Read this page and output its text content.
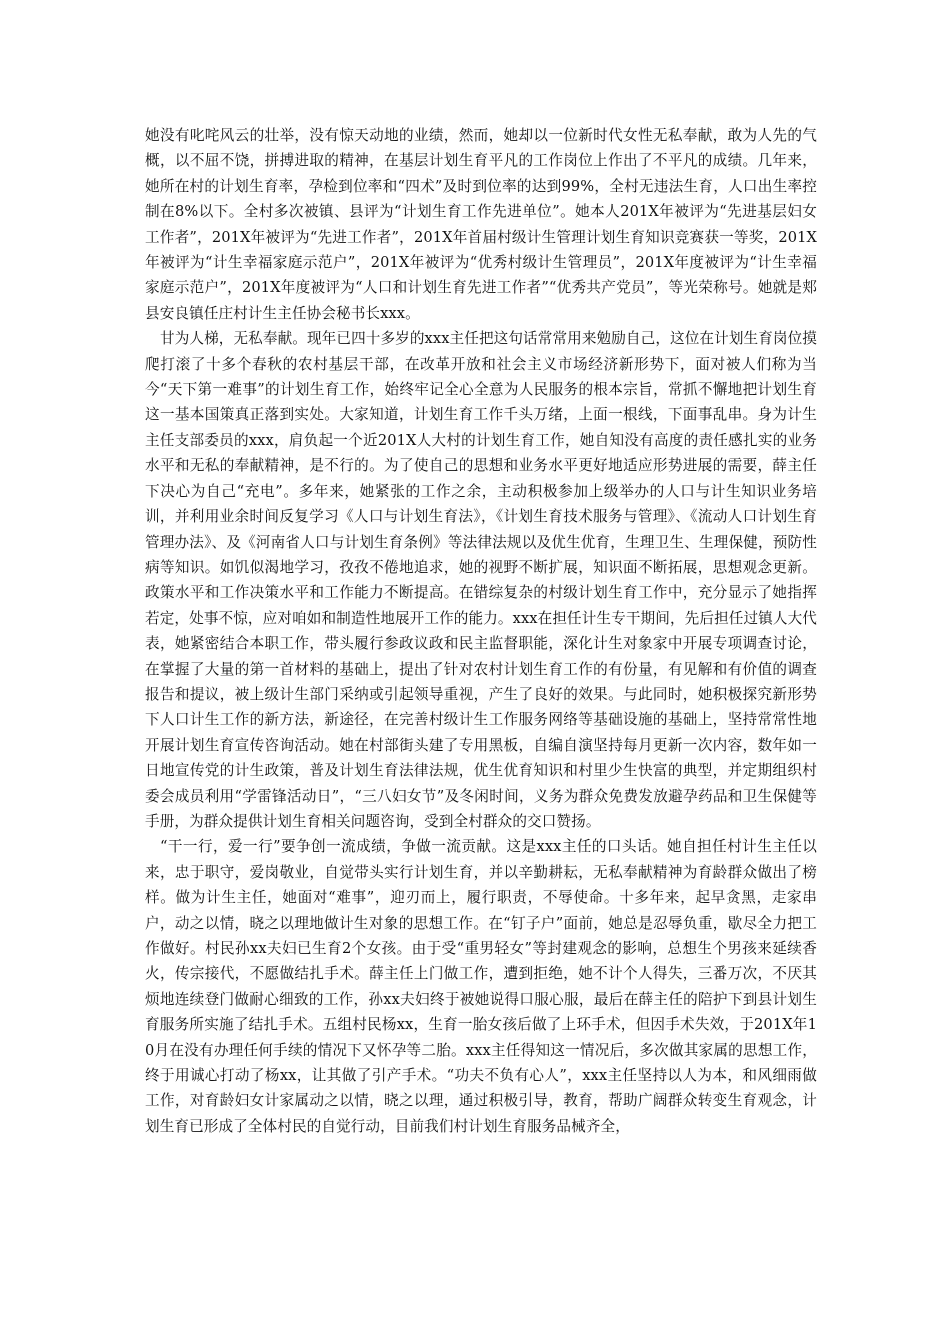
她没有叱咤风云的壮举，没有惊天动地的业绩，然而，她却以一位新时代女性无私奉献，敢为人先的气概，以不屈不饶，拼搏进取的精神，在基层计划生育平凡的工作岗位上作出了不平凡的成绩。几年来，她所在村的计划生育率，孕检到位率和“四术”及时到位率的达到99%，全村无违法生育，人口出生率控制在8%以下。全村多次被镇、县评为“计划生育工作先进单位”。她本人201X年被评为“先进基层妇女工作者”，201X年被评为“先进工作者”，201X年首届村级计生管理计划生育知识竞赛获一等奖，201X年被评为“计生幸福家庭示范户”，201X年被评为“优秀村级计生管理员”，201X年度被评为“计生幸福家庭示范户”，201X年度被评为“人口和计划生育先进工作者”“优秀共产党员”，等光荣称号。她就是郏县安良镇任庄村计生主任协会秘书长xxx。

甘为人梯，无私奉献。现年已四十多岁的xxx主任把这句话常常用来勉励自己，这位在计划生育岗位摸爬打滚了十多个春秋的农村基层干部，在改革开放和社会主义市场经济新形势下，面对被人们称为当今“天下第一难事”的计划生育工作，始终牢记全心全意为人民服务的根本宗旨，常抓不懈地把计划生育这一基本国策真正落到实处。大家知道，计划生育工作千头万绪，上面一根线，下面事乱串。身为计生主任支部委员的xxx，肩负起一个近201X人大村的计划生育工作，她自知没有高度的责任感扎实的业务水平和无私的奉献精神，是不行的。为了使自己的思想和业务水平更好地适应形势进展的需要，薛主任下决心为自己“充电”。多年来，她紧张的工作之余，主动积极参加上级举办的人口与计生知识业务培训，并利用业余时间反复学习《人口与计划生育法》，《计划生育技术服务与管理》、《流动人口计划生育管理办法》、及《河南省人口与计划生育条例》等法律法规以及优生优育，生理卫生、生理保健，预防性病等知识。如饥似渴地学习，孜孜不倦地追求，她的视野不断扩展，知识面不断拓展，思想观念更新。政策水平和工作决策水平和工作能力不断提高。在错综复杂的村级计划生育工作中，充分显示了她指挥若定，处事不惊，应对咱如和制造性地展开工作的能力。xxx在担任计生专干期间，先后担任过镇人大代表，她紧密结合本职工作，带头履行参政议政和民主监督职能，深化计生对象家中开展专项调查讨论，在掌握了大量的第一首材料的基础上，提出了针对农村计划生育工作的有份量，有见解和有价值的调查报告和提议，被上级计生部门采纳或引起领导重视，产生了良好的效果。与此同时，她积极探究新形势下人口计生工作的新方法，新途径，在完善村级计生工作服务网络等基础设施的基础上，坚持常常性地开展计划生育宣传咨询活动。她在村部街头建了专用黑板，自编自演坚持每月更新一次内容，数年如一日地宣传党的计生政策，普及计划生育法律法规，优生优育知识和村里少生快富的典型，并定期组织村委会成员利用“学雷锋活动日”，“三八妇女节”及冬闲时间，义务为群众免费发放避孕药品和卫生保健等手册，为群众提供计划生育相关问题咨询，受到全村群众的交口赞扬。

“干一行，爱一行”要争创一流成绩，争做一流贡献。这是xxx主任的口头话。她自担任村计生主任以来，忠于职守，爱岗敬业，自觉带头实行计划生育，并以辛勤耕耘，无私奉献精神为育龄群众做出了榜样。做为计生主任，她面对“难事”，迎刃而上，履行职责，不辱使命。十多年来，起早贪黑，走家串户，动之以情，晓之以理地做计生对象的思想工作。在“钉子户”面前，她总是忍辱负重，歇尽全力把工作做好。村民孙xx夫妇已生育2个女孩。由于受“重男轻女”等封建观念的影响，总想生个男孩来延续香火，传宗接代，不愿做结扎手术。薛主任上门做工作，遭到拒绝，她不计个人得失，三番万次，不厌其烦地连续登门做耐心细致的工作，孙xx夫妇终于被她说得口服心服，最后在薛主任的陪护下到县计划生育服务所实施了结扎手术。五组村民杨xx，生育一胎女孩后做了上环手术，但因手术失效，于201X年10月在没有办理任何手续的情况下又怀孕等二胎。xxx主任得知这一情况后，多次做其家属的思想工作，终于用诚心打动了杨xx，让其做了引产手术。“功夫不负有心人”，xxx主任坚持以人为本，和风细雨做工作，对育龄妇女计家属动之以情，晓之以理，通过积极引导，教育，帮助广阔群众转变生育观念，计划生育已形成了全体村民的自觉行动，目前我们村计划生育服务品械齐全，
